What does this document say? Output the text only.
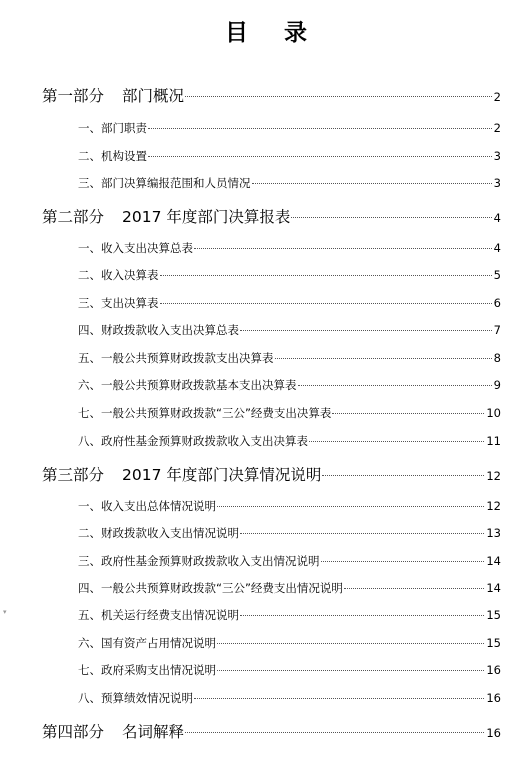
目录
第一部分 部门概况	2
一、部门职责	2
二、机构设置	3
三、部门决算编报范围和人员情况	3
第二部分 2017 年度部门决算报表	4
一、收入支出决算总表	4
二、收入决算表	5
三、支出决算表	6
四、财政拨款收入支出决算总表	7
五、一般公共预算财政拨款支出决算表	8
六、一般公共预算财政拨款基本支出决算表	9
七、一般公共预算财政拨款“三公”经费支出决算表	10
八、政府性基金预算财政拨款收入支出决算表	11
第三部分 2017 年度部门决算情况说明	12
一、收入支出总体情况说明	12
二、财政拨款收入支出情况说明	13
三、政府性基金预算财政拨款收入支出情况说明	14
四、一般公共预算财政拨款“三公”经费支出情况说明	14
五、机关运行经费支出情况说明	15
六、国有资产占用情况说明	15
七、政府采购支出情况说明	16
八、预算绩效情况说明	16
第四部分 名词解释	16
▾
